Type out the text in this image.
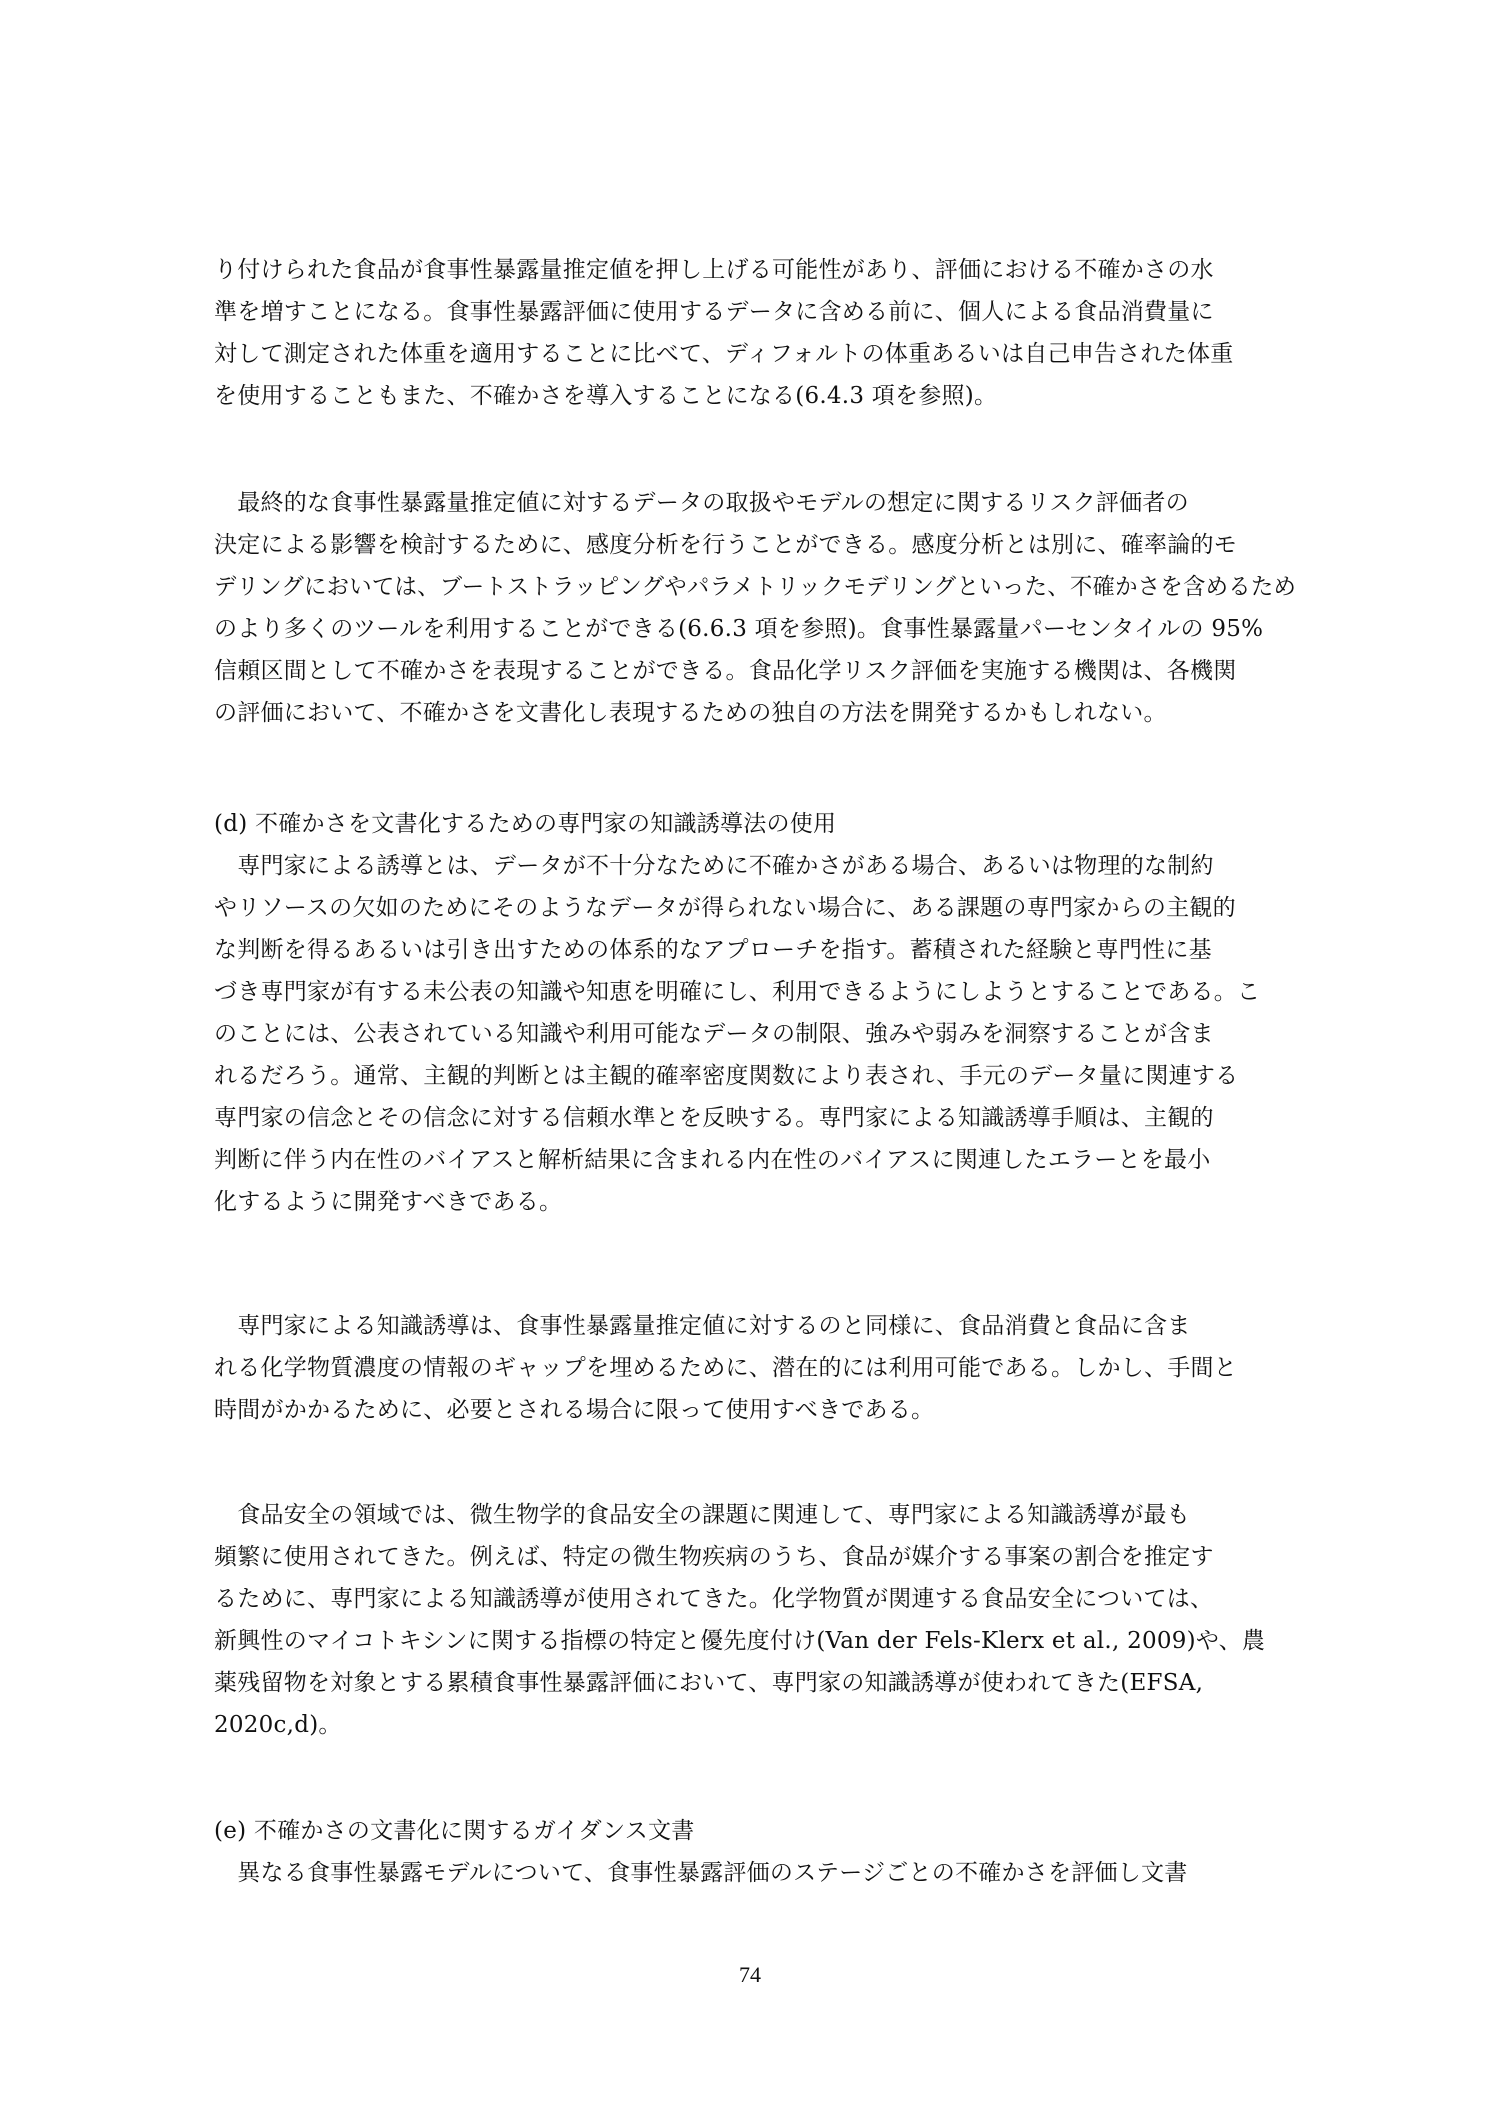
り付けられた食品が食事性暴露量推定値を押し上げる可能性があり、評価における不確かさの水
準を増すことになる。食事性暴露評価に使用するデータに含める前に、個人による食品消費量に
対して測定された体重を適用することに比べて、ディフォルトの体重あるいは自己申告された体重
を使用することもまた、不確かさを導入することになる(6.4.3 項を参照)。
　最終的な食事性暴露量推定値に対するデータの取扱やモデルの想定に関するリスク評価者の
決定による影響を検討するために、感度分析を行うことができる。感度分析とは別に、確率論的モ
デリングにおいては、ブートストラッピングやパラメトリックモデリングといった、不確かさを含めるため
のより多くのツールを利用することができる(6.6.3 項を参照)。食事性暴露量パーセンタイルの 95%
信頼区間として不確かさを表現することができる。食品化学リスク評価を実施する機関は、各機関
の評価において、不確かさを文書化し表現するための独自の方法を開発するかもしれない。
(d) 不確かさを文書化するための専門家の知識誘導法の使用
　専門家による誘導とは、データが不十分なために不確かさがある場合、あるいは物理的な制約
やリソースの欠如のためにそのようなデータが得られない場合に、ある課題の専門家からの主観的
な判断を得るあるいは引き出すための体系的なアプローチを指す。蓄積された経験と専門性に基
づき専門家が有する未公表の知識や知恵を明確にし、利用できるようにしようとすることである。こ
のことには、公表されている知識や利用可能なデータの制限、強みや弱みを洞察することが含ま
れるだろう。通常、主観的判断とは主観的確率密度関数により表され、手元のデータ量に関連する
専門家の信念とその信念に対する信頼水準とを反映する。専門家による知識誘導手順は、主観的
判断に伴う内在性のバイアスと解析結果に含まれる内在性のバイアスに関連したエラーとを最小
化するように開発すべきである。
　専門家による知識誘導は、食事性暴露量推定値に対するのと同様に、食品消費と食品に含ま
れる化学物質濃度の情報のギャップを埋めるために、潜在的には利用可能である。しかし、手間と
時間がかかるために、必要とされる場合に限って使用すべきである。
　食品安全の領域では、微生物学的食品安全の課題に関連して、専門家による知識誘導が最も
頻繁に使用されてきた。例えば、特定の微生物疾病のうち、食品が媒介する事案の割合を推定す
るために、専門家による知識誘導が使用されてきた。化学物質が関連する食品安全については、
新興性のマイコトキシンに関する指標の特定と優先度付け(Van der Fels-Klerx et al., 2009)や、農
薬残留物を対象とする累積食事性暴露評価において、専門家の知識誘導が使われてきた(EFSA,
2020c,d)。
(e) 不確かさの文書化に関するガイダンス文書
　異なる食事性暴露モデルについて、食事性暴露評価のステージごとの不確かさを評価し文書
74
